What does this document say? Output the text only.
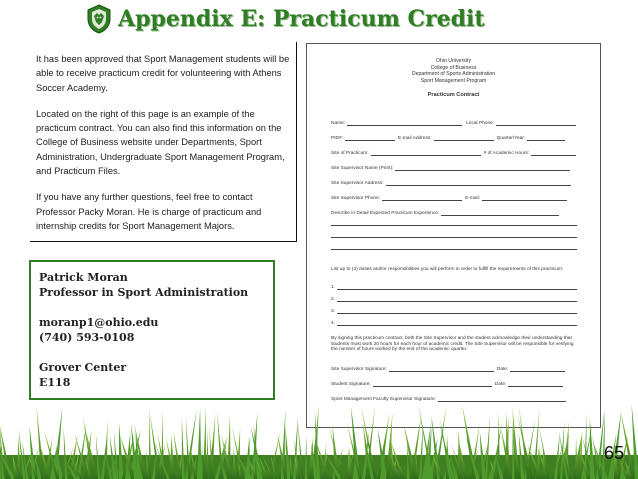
Appendix E: Practicum Credit

It has been approved that Sport Management students will be able to receive practicum credit for volunteering with Athens Soccer Academy.

Located on the right of this page is an example of the practicum contract. You can also find this information on the College of Business website under Departments, Sport Administration, Undergraduate Sport Management Program, and Practicum Files.

If you have any further questions, feel free to contact Professor Packy Moran. He is charge of practicum and internship credits for Sport Management Majors.

Patrick Moran
Professor in Sport Administration
moranp1@ohio.edu
(740) 593-0108
Grover Center
E118
Ohio University
College of Business
Department of Sports Administration
Sport Management Program
Practicum Contract
Name:	Local Phone:
PID#:	E-mail Address:	Quarter/Year:
Site of Practicum:	# of Academic Hours:
Site Supervisor Name (Print):
Site Supervisor Address:
Site Supervisor Phone:	E-mail:
Describe in Detail Expected Practicum Experience:
List up to (4) duties and/or responsibilities you will perform in order to fulfill the requirements of this practicum:
1.
2.
3.
4.
By signing this practicum contract, both the Site Supervisor and the student acknowledge their understanding that students must work 20 hours for each hour of academic credit. The Site Supervisor will be responsible for verifying the number of hours worked by the end of the academic quarter.
Site Supervisor Signature:	Date:
Student Signature:	Date:
Sport Management Faculty Supervisor Signature:
65
